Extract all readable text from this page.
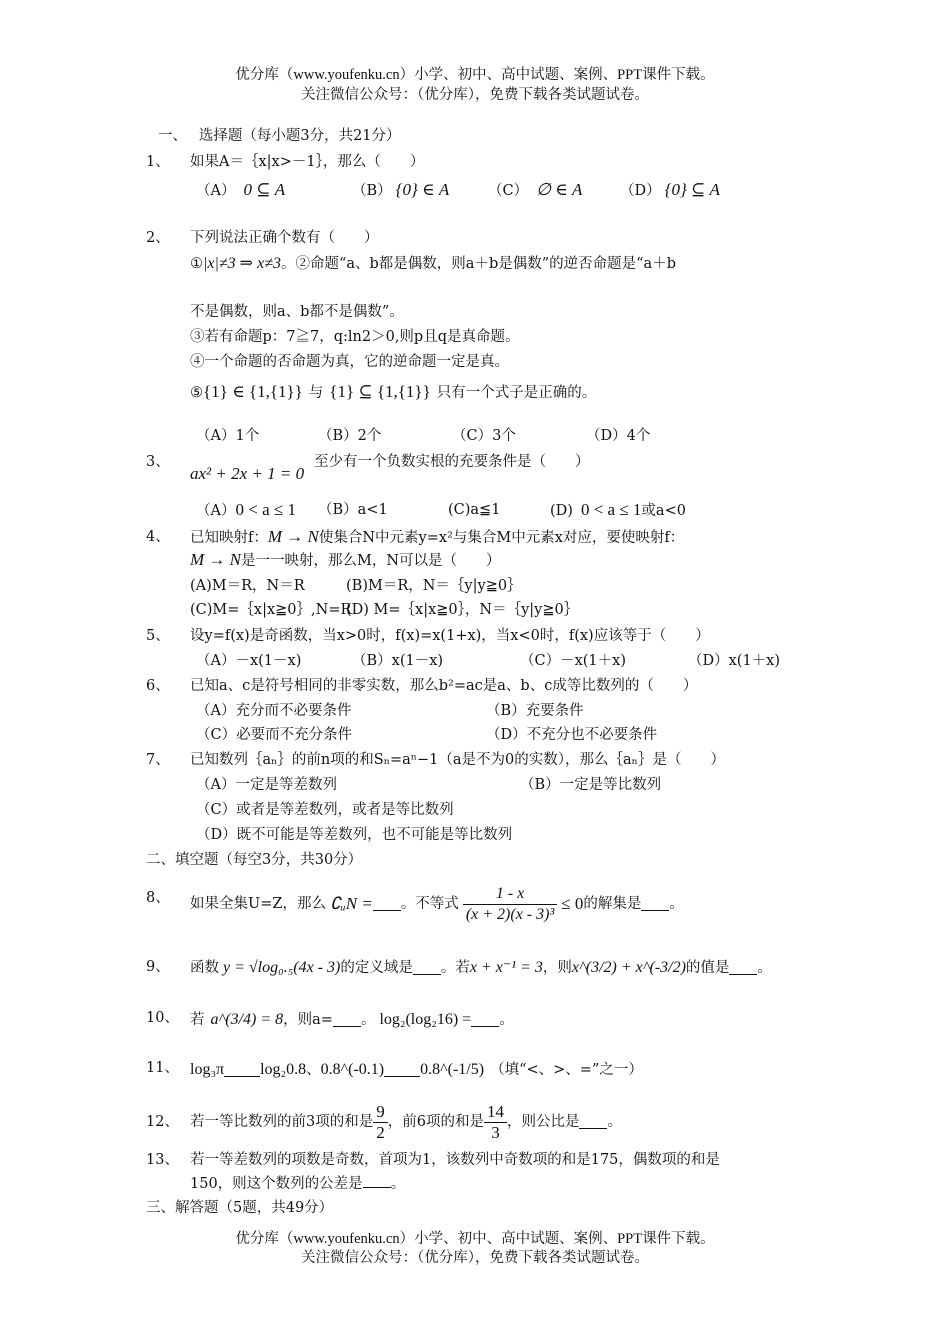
优分库（www.youfenku.cn）小学、初中、高中试题、案例、PPT课件下载。
关注微信公众号：（优分库），免费下载各类试题试卷。
一、　 选择题（每小题3分，共21分）
1、 如果A＝｛x|x>－1｝，那么（　　）
（A） 0 ⊆ A	（B） {0} ∈ A	（C） ∅ ∈ A	（D） {0} ⊆ A
2、 下列说法正确个数有（　　）
①|x|≠3 ⇒ x≠3。②命题“a、b都是偶数，则a＋b是偶数”的逆否命题是“a＋b
不是偶数，则a、b都不是偶数”。
③若有命题p：7≧7，q:ln2＞0,则p且q是真命题。
④一个命题的否命题为真，它的逆命题一定是真。
⑤{1} ∈ {1,{1}} 与 {1} ⊆ {1,{1}} 只有一个式子是正确的。
（A）1个	（B）2个	（C）3个	（D）4个
3、
ax² + 2x + 1 = 0
至少有一个负数实根的充要条件是（　　）
（A）0 < a ≤ 1 （B）a<1	(C)a≦1	(D) 0 < a ≤ 1或a<0
4、 已知映射f：M → N使集合N中元素y=x²与集合M中元素x对应，要使映射f：
M → N是一一映射，那么M，N可以是（　　）
(A)M＝R，N＝R	(B)M＝R，N＝｛y|y≧0｝
(C)M=｛x|x≧0｝,N=R
(D) M=｛x|x≧0｝，N＝｛y|y≧0｝
5、 设y=f(x)是奇函数，当x>0时，f(x)=x(1+x)，当x<0时，f(x)应该等于（　　）
（A）－x(1－x)	（B）x(1－x)	（C）－x(1＋x)	（D）x(1＋x)
6、 已知a、c是符号相同的非零实数，那么b²=ac是a、b、c成等比数列的（　　）
（A）充分而不必要条件	（B）充要条件
（C）必要而不充分条件	（D）不充分也不必要条件
7、 已知数列｛aₙ｝的前n项的和Sₙ=aⁿ−1（a是不为0的实数），那么｛aₙ｝是（　　）
（A）一定是等差数列	（B）一定是等比数列
（C）或者是等差数列，或者是等比数列
（D）既不可能是等差数列，也不可能是等比数列
二、填空题（每空3分，共30分）
8、 如果全集U=Z，那么 ∁ᵤN = 。不等式 $\frac{1 - x}{\text{(x + 2)(x - 3)³}} \le 0$ 的解集是 。
9、 函数 y = √log₀.₅(4x - 3) 的定义域是 。若 x + x⁻¹ = 3 ，则 x^(3/2) + x^(-3/2) 的值是 。
10、 若 a^(3/4) = 8 ，则a= 。 log₂(log₂16) = 。
11、 log₃π log₂0.8 、 0.8^(-0.1) 0.8^(-1/5) （填“<、>、=”之一）
12、 若一等比数列的前3项的和是 $\frac{9}{2}$ ，前6项的和是 $\frac{14}{3}$ ，则公比是 。
13、 若一等差数列的项数是奇数，首项为1，该数列中奇数项的和是175，偶数项的和是
150，则这个数列的公差是 。
三、解答题（5题，共49分）
优分库（www.youfenku.cn）小学、初中、高中试题、案例、PPT课件下载。
关注微信公众号：（优分库），免费下载各类试题试卷。
